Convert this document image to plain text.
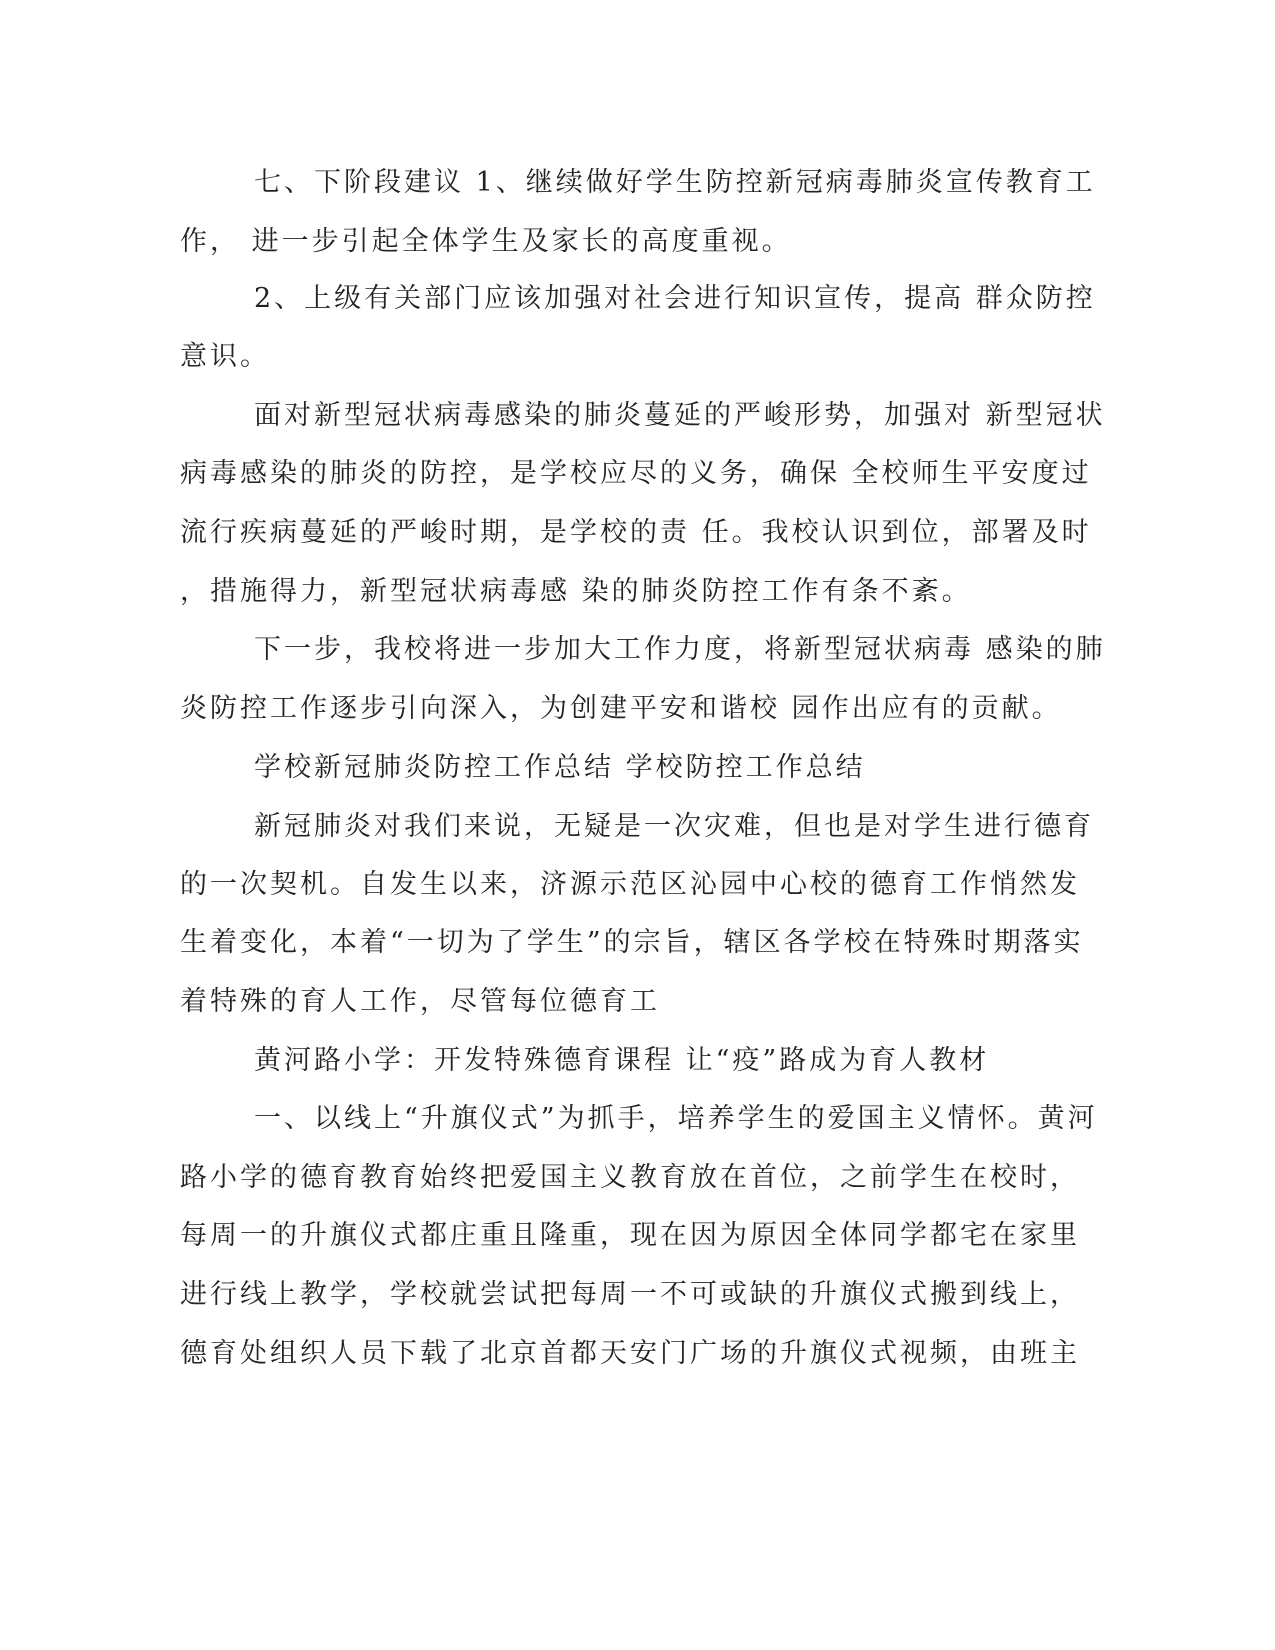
七、下阶段建议 1、继续做好学生防控新冠病毒肺炎宣传教育工
作， 进一步引起全体学生及家长的高度重视。
2、上级有关部门应该加强对社会进行知识宣传，提高 群众防控
意识。
面对新型冠状病毒感染的肺炎蔓延的严峻形势，加强对 新型冠状
病毒感染的肺炎的防控，是学校应尽的义务，确保 全校师生平安度过
流行疾病蔓延的严峻时期，是学校的责 任。我校认识到位，部署及时
，措施得力，新型冠状病毒感 染的肺炎防控工作有条不紊。
下一步，我校将进一步加大工作力度，将新型冠状病毒 感染的肺
炎防控工作逐步引向深入，为创建平安和谐校 园作出应有的贡献。
学校新冠肺炎防控工作总结 学校防控工作总结
新冠肺炎对我们来说，无疑是一次灾难，但也是对学生进行德育
的一次契机。自发生以来，济源示范区沁园中心校的德育工作悄然发
生着变化，本着“一切为了学生”的宗旨，辖区各学校在特殊时期落实
着特殊的育人工作，尽管每位德育工
黄河路小学：开发特殊德育课程 让“疫”路成为育人教材
一、以线上“升旗仪式”为抓手，培养学生的爱国主义情怀。黄河
路小学的德育教育始终把爱国主义教育放在首位，之前学生在校时，
每周一的升旗仪式都庄重且隆重，现在因为原因全体同学都宅在家里
进行线上教学，学校就尝试把每周一不可或缺的升旗仪式搬到线上，
德育处组织人员下载了北京首都天安门广场的升旗仪式视频，由班主
